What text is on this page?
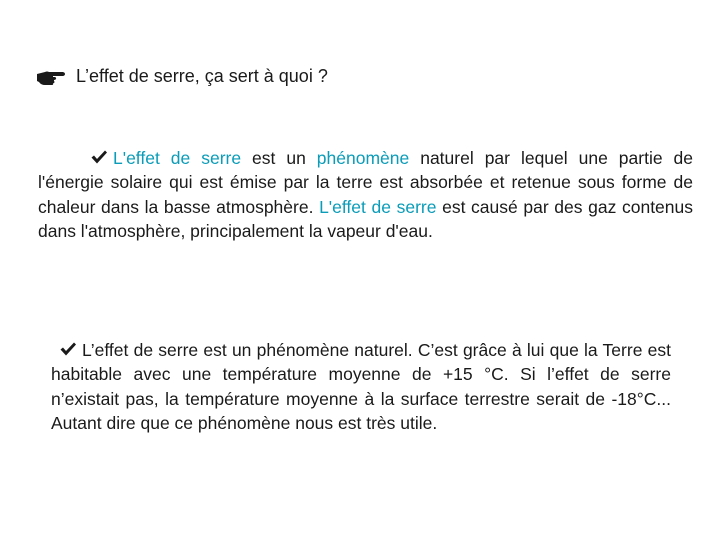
L’effet de serre, ça sert à quoi ?

L'effet de serre est un phénomène naturel par lequel une partie de l'énergie solaire qui est émise par la terre est absorbée et retenue sous forme de chaleur dans la basse atmosphère. L'effet de serre est causé par des gaz contenus dans l'atmosphère, principalement la vapeur d'eau.

L’effet de serre est un phénomène naturel. C’est grâce à lui que la Terre est habitable avec une température moyenne de +15 °C. Si l’effet de serre n’existait pas, la température moyenne à la surface terrestre serait de -18°C... Autant dire que ce phénomène nous est très utile.
